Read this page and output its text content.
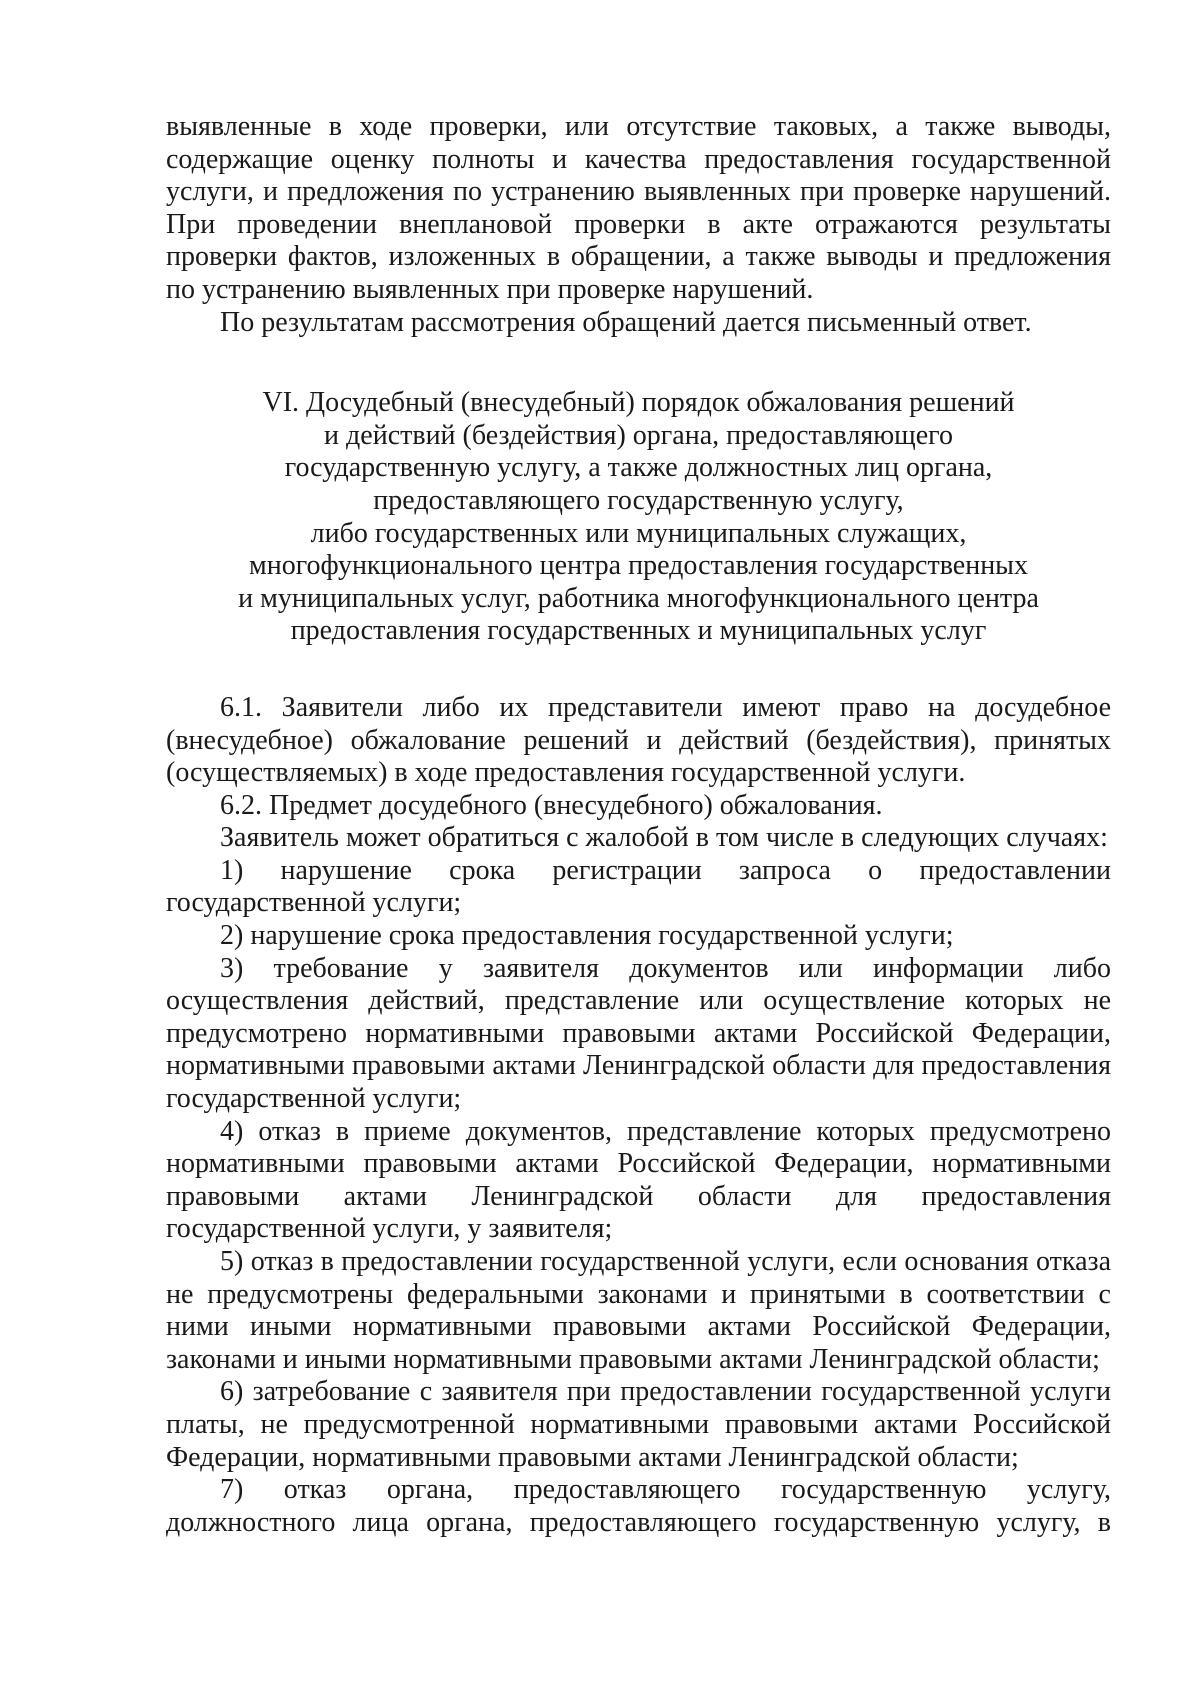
выявленные в ходе проверки, или отсутствие таковых, а также выводы, содержащие оценку полноты и качества предоставления государственной услуги, и предложения по устранению выявленных при проверке нарушений. При проведении внеплановой проверки в акте отражаются результаты проверки фактов, изложенных в обращении, а также выводы и предложения по устранению выявленных при проверке нарушений.

По результатам рассмотрения обращений дается письменный ответ.

VI. Досудебный (внесудебный) порядок обжалования решений
и действий (бездействия) органа, предоставляющего
государственную услугу, а также должностных лиц органа,
предоставляющего государственную услугу,
либо государственных или муниципальных служащих,
многофункционального центра предоставления государственных
и муниципальных услуг, работника многофункционального центра
предоставления государственных и муниципальных услуг

6.1. Заявители либо их представители имеют право на досудебное (внесудебное) обжалование решений и действий (бездействия), принятых (осуществляемых) в ходе предоставления государственной услуги.

6.2. Предмет досудебного (внесудебного) обжалования.

Заявитель может обратиться с жалобой в том числе в следующих случаях:

1) нарушение срока регистрации запроса о предоставлении государственной услуги;

2) нарушение срока предоставления государственной услуги;

3) требование у заявителя документов или информации либо осуществления действий, представление или осуществление которых не предусмотрено нормативными правовыми актами Российской Федерации, нормативными правовыми актами Ленинградской области для предоставления государственной услуги;

4) отказ в приеме документов, представление которых предусмотрено нормативными правовыми актами Российской Федерации, нормативными правовыми актами Ленинградской области для предоставления государственной услуги, у заявителя;

5) отказ в предоставлении государственной услуги, если основания отказа не предусмотрены федеральными законами и принятыми в соответствии с ними иными нормативными правовыми актами Российской Федерации, законами и иными нормативными правовыми актами Ленинградской области;

6) затребование с заявителя при предоставлении государственной услуги платы, не предусмотренной нормативными правовыми актами Российской Федерации, нормативными правовыми актами Ленинградской области;

7) отказ органа, предоставляющего государственную услугу, должностного лица органа, предоставляющего государственную услугу, в
